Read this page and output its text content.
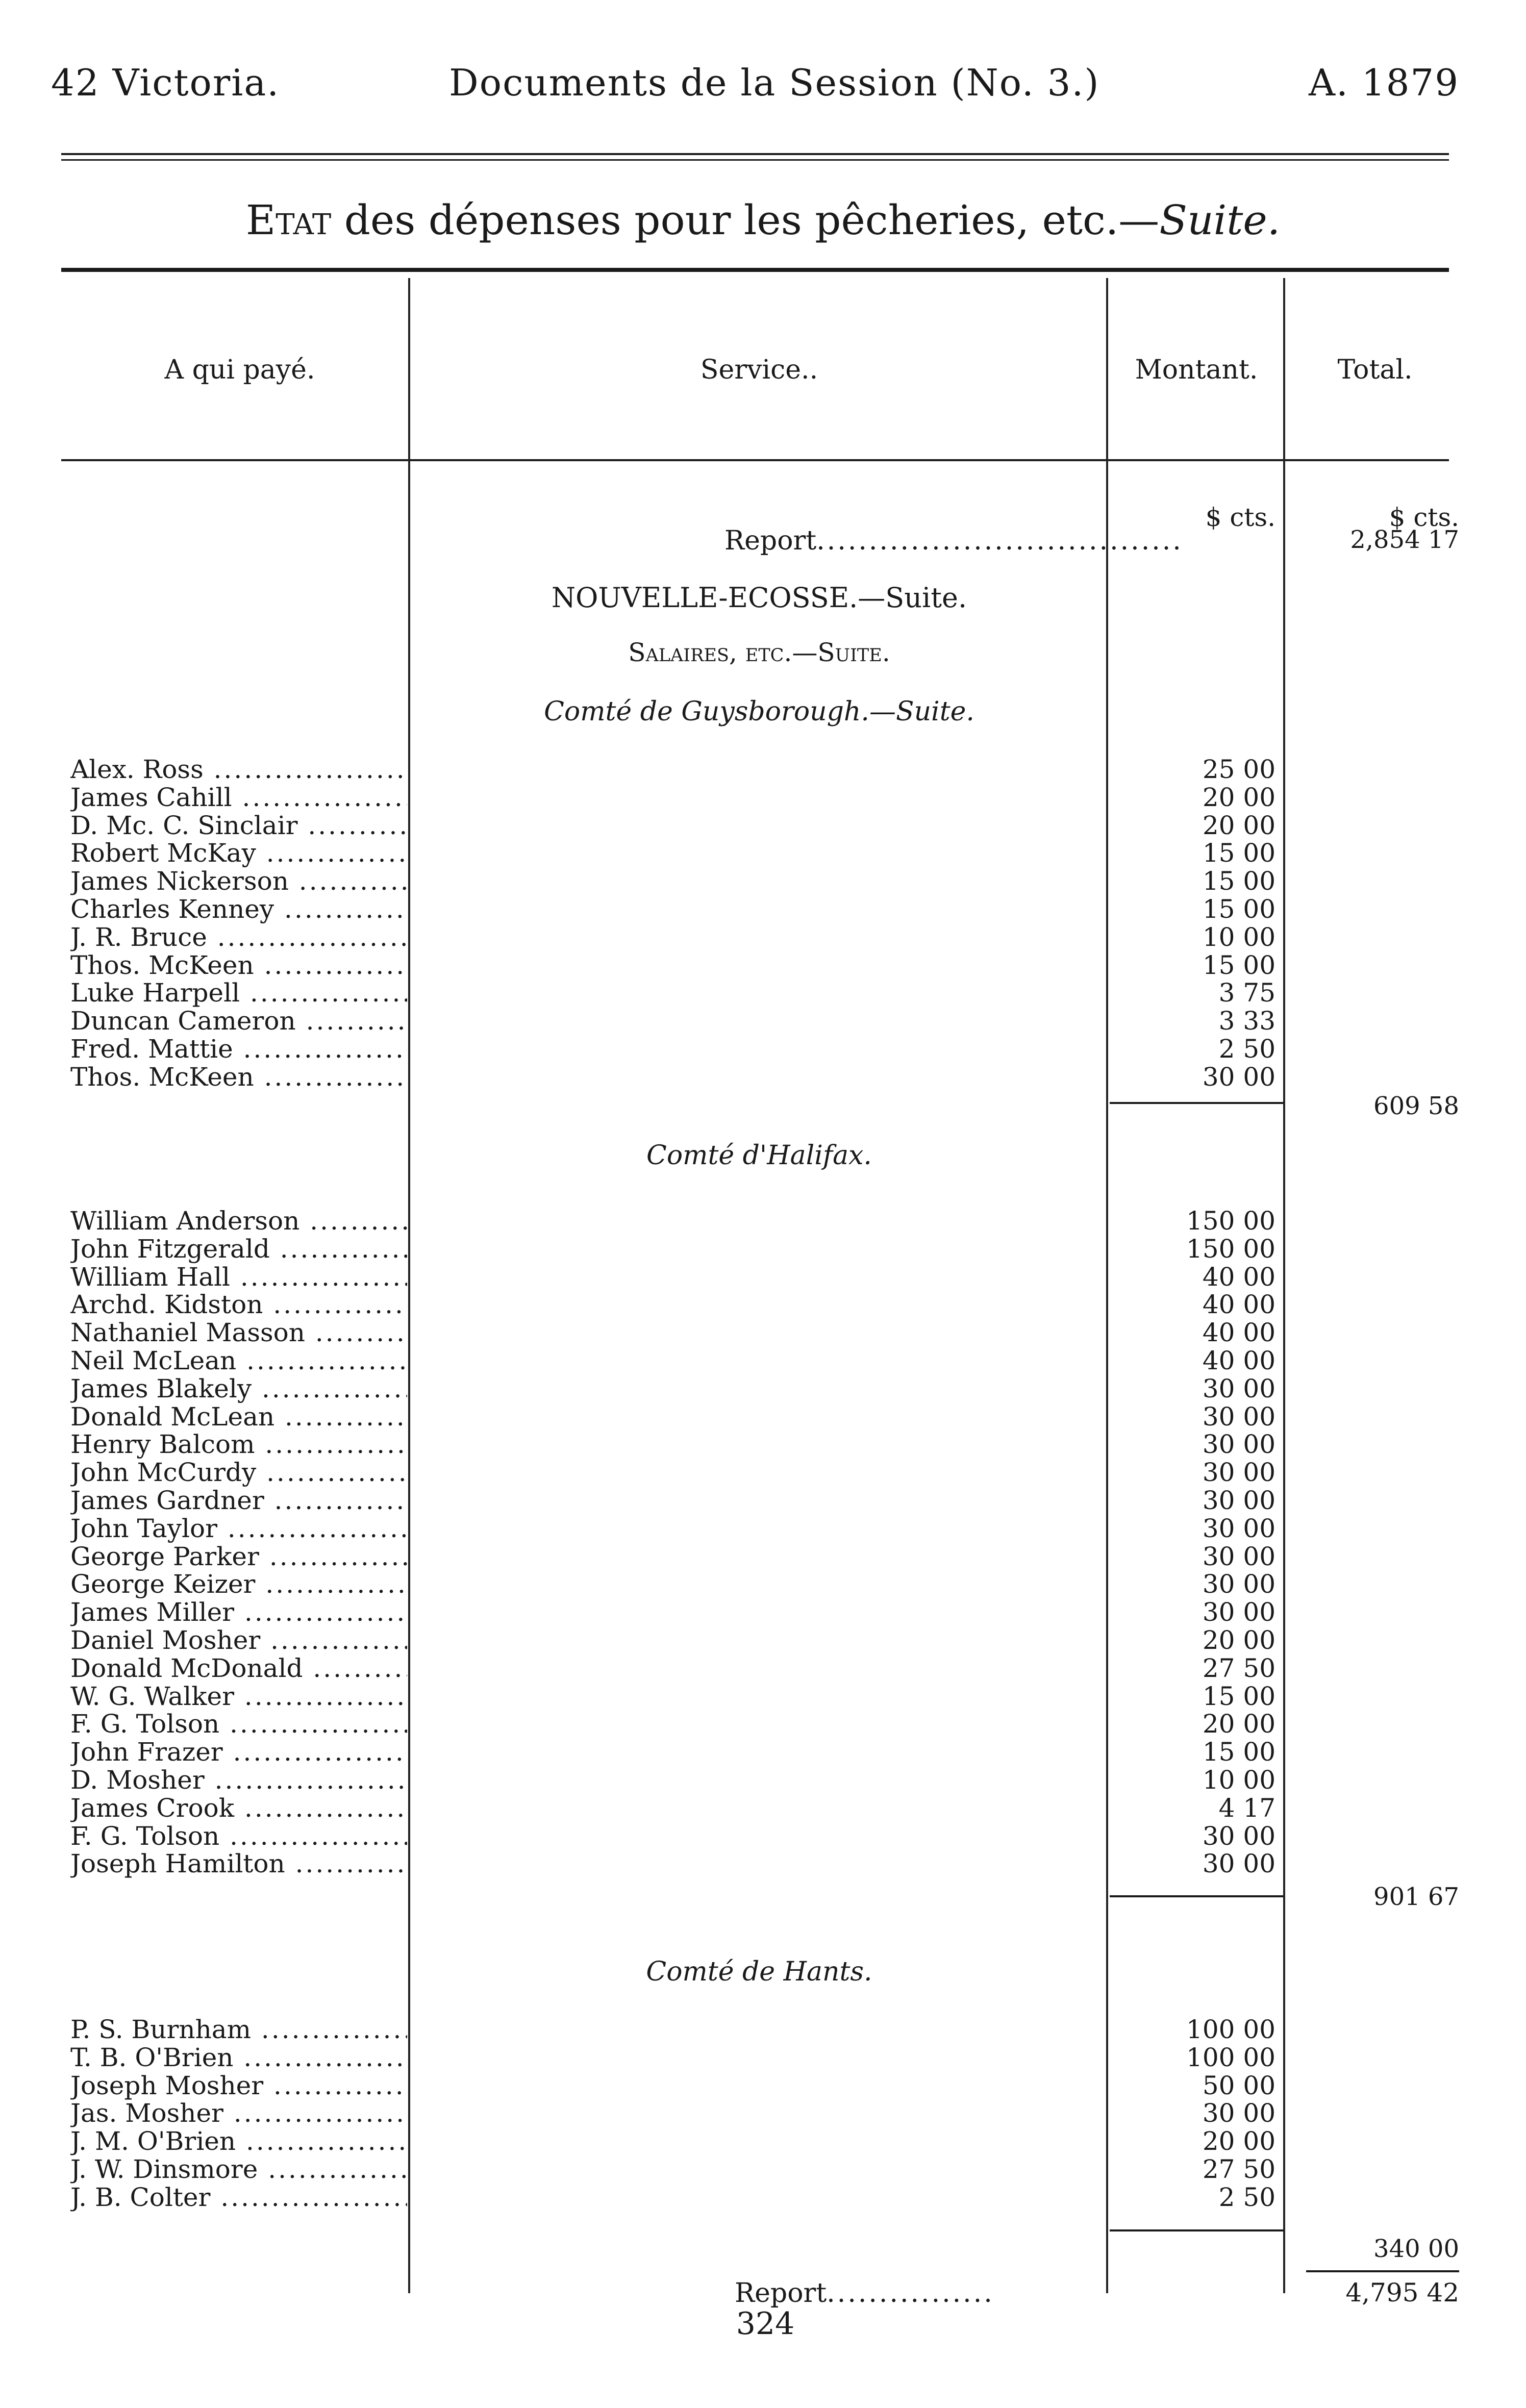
42 Victoria.	Documents de la Session (No. 3.)	A. 1879
Etat des dépenses pour les pêcheries, etc.—Suite.
A qui payé.	Service..	Montant.	Total.
$ cts.	$ cts.
Report...................................	2,854 17
NOUVELLE-ECOSSE.—Suite.
Salaires, etc.—Suite.
Comté de Guysborough.—Suite.
Alex. Ross .....	25 00
James Cahill .....	20 00
D. Mc. C. Sinclair .....	20 00
Robert McKay .....	15 00
James Nickerson .....	15 00
Charles Kenney .....	15 00
J. R. Bruce .....	10 00
Thos. McKeen .....	15 00
Luke Harpell .....	3 75
Duncan Cameron .....	3 33
Fred. Mattie .....	2 50
Thos. McKeen .....	30 00
609 58
Comté d'Halifax.
William Anderson .....	150 00
John Fitzgerald .....	150 00
William Hall .....	40 00
Archd. Kidston .....	40 00
Nathaniel Masson .....	40 00
Neil McLean .....	40 00
James Blakely .....	30 00
Donald McLean .....	30 00
Henry Balcom .....	30 00
John McCurdy .....	30 00
James Gardner .....	30 00
John Taylor .....	30 00
George Parker .....	30 00
George Keizer .....	30 00
James Miller .....	30 00
Daniel Mosher .....	20 00
Donald McDonald .....	27 50
W. G. Walker .....	15 00
F. G. Tolson .....	20 00
John Frazer .....	15 00
D. Mosher .....	10 00
James Crook .....	4 17
F. G. Tolson .....	30 00
Joseph Hamilton .....	30 00
901 67
Comté de Hants.
P. S. Burnham .....	100 00
T. B. O'Brien .....	100 00
Joseph Mosher .....	50 00
Jas. Mosher .....	30 00
J. M. O'Brien .....	20 00
J. W. Dinsmore .....	27 50
J. B. Colter .....	2 50
340 00
Report................	4,795 42
324
